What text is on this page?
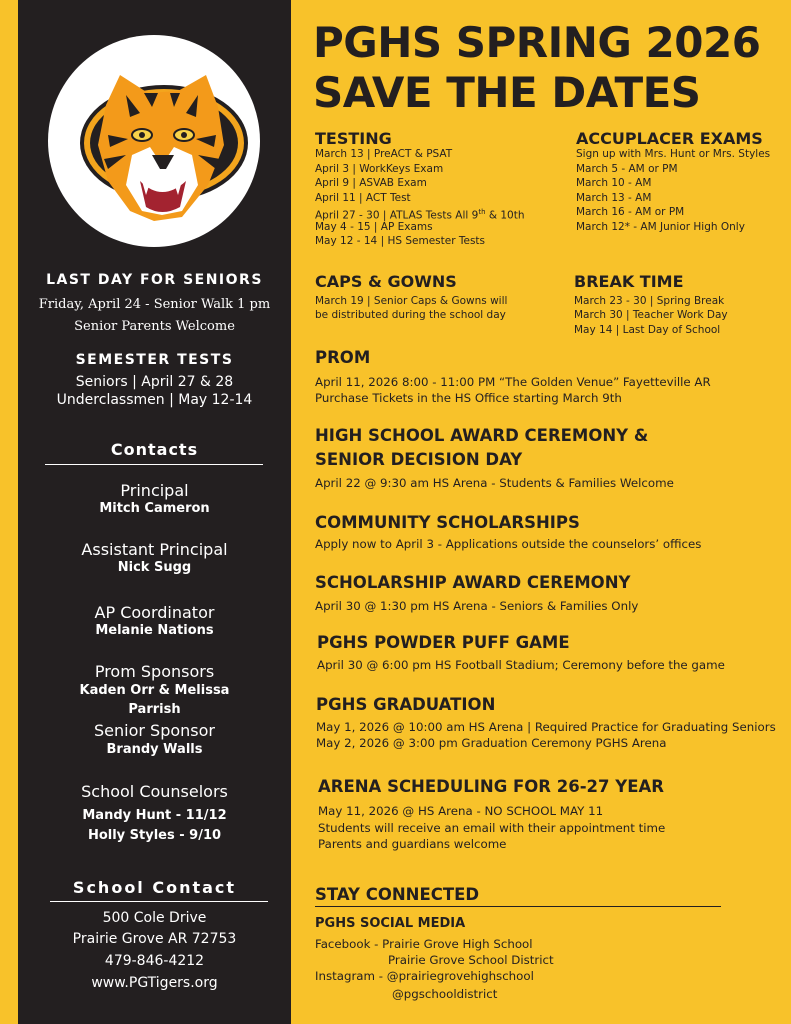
LAST DAY FOR SENIORS
Friday, April 24 - Senior Walk 1 pm
Senior Parents Welcome
SEMESTER TESTS
Seniors | April 27 & 28
Underclassmen | May 12-14
Contacts
Principal
Mitch Cameron
Assistant Principal
Nick Sugg
AP Coordinator
Melanie Nations
Prom Sponsors
Kaden Orr & Melissa
Parrish
Senior Sponsor
Brandy Walls
School Counselors
Mandy Hunt - 11/12
Holly Styles - 9/10
School Contact
500 Cole Drive
Prairie Grove AR 72753
479-846-4212
www.PGTigers.org
PGHS SPRING 2026
SAVE THE DATES
TESTING
March 13 | PreACT & PSAT
April 3 | WorkKeys Exam
April 9 | ASVAB Exam
April 11 | ACT Test
April 27 - 30 | ATLAS Tests All 9th & 10th
May 4 - 15 | AP Exams
May 12 - 14 | HS Semester Tests
ACCUPLACER EXAMS
Sign up with Mrs. Hunt or Mrs. Styles
March 5 - AM or PM
March 10 - AM
March 13 - AM
March 16 - AM or PM
March 12* - AM Junior High Only
CAPS & GOWNS
March 19 | Senior Caps & Gowns will
be distributed during the school day
BREAK TIME
March 23 - 30 | Spring Break
March 30 | Teacher Work Day
May 14 | Last Day of School
PROM
April 11, 2026 8:00 - 11:00 PM “The Golden Venue” Fayetteville AR
Purchase Tickets in the HS Office starting March 9th
HIGH SCHOOL AWARD CEREMONY &
SENIOR DECISION DAY
April 22 @ 9:30 am HS Arena - Students & Families Welcome
COMMUNITY SCHOLARSHIPS
Apply now to April 3 - Applications outside the counselors’ offices
SCHOLARSHIP AWARD CEREMONY
April 30 @ 1:30 pm HS Arena - Seniors & Families Only
PGHS POWDER PUFF GAME
April 30 @ 6:00 pm HS Football Stadium; Ceremony before the game
PGHS GRADUATION
May 1, 2026 @ 10:00 am HS Arena | Required Practice for Graduating Seniors
May 2, 2026 @ 3:00 pm Graduation Ceremony PGHS Arena
ARENA SCHEDULING FOR 26-27 YEAR
May 11, 2026 @ HS Arena - NO SCHOOL MAY 11
Students will receive an email with their appointment time
Parents and guardians welcome
STAY CONNECTED
PGHS SOCIAL MEDIA
Facebook - Prairie Grove High School
Prairie Grove School District
Instagram - @prairiegrovehighschool
@pgschooldistrict
